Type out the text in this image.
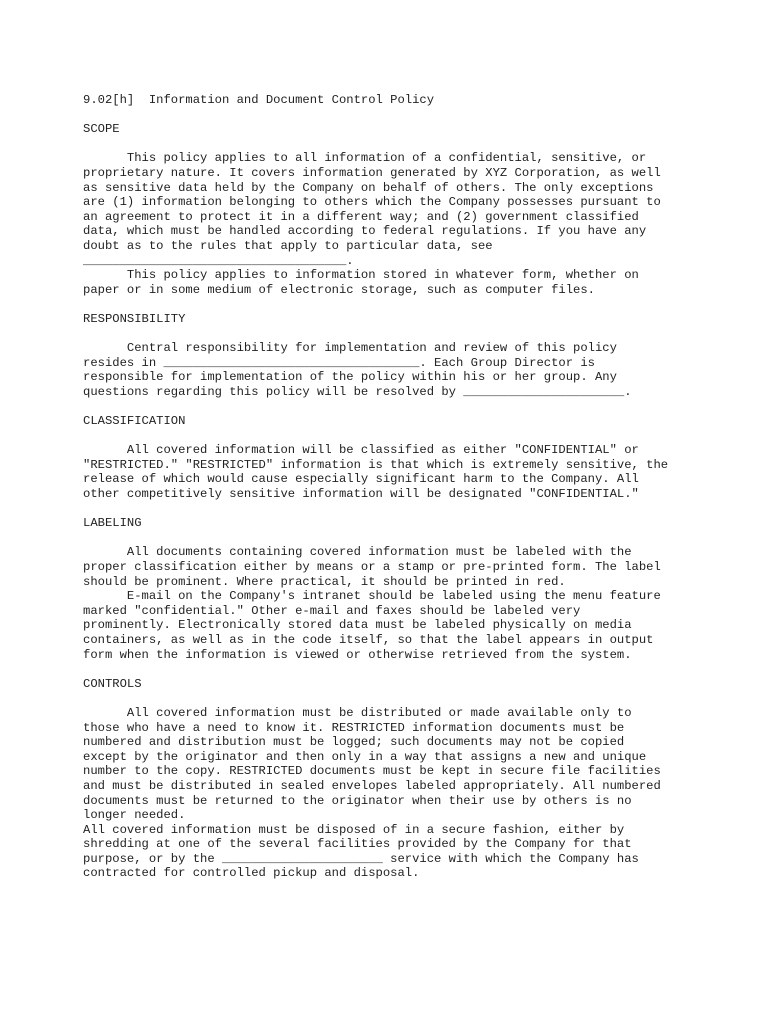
9.02[h]  Information and Document Control Policy
SCOPE
This policy applies to all information of a confidential, sensitive, or
proprietary nature. It covers information generated by XYZ Corporation, as well
as sensitive data held by the Company on behalf of others. The only exceptions
are (1) information belonging to others which the Company possesses pursuant to
an agreement to protect it in a different way; and (2) government classified
data, which must be handled according to federal regulations. If you have any
doubt as to the rules that apply to particular data, see
____________________________________.
This policy applies to information stored in whatever form, whether on
paper or in some medium of electronic storage, such as computer files.
RESPONSIBILITY
Central responsibility for implementation and review of this policy
resides in ___________________________________. Each Group Director is
responsible for implementation of the policy within his or her group. Any
questions regarding this policy will be resolved by ______________________.
CLASSIFICATION
All covered information will be classified as either "CONFIDENTIAL" or
"RESTRICTED." "RESTRICTED" information is that which is extremely sensitive, the
release of which would cause especially significant harm to the Company. All
other competitively sensitive information will be designated "CONFIDENTIAL."
LABELING
All documents containing covered information must be labeled with the
proper classification either by means or a stamp or pre-printed form. The label
should be prominent. Where practical, it should be printed in red.
E-mail on the Company's intranet should be labeled using the menu feature
marked "confidential." Other e-mail and faxes should be labeled very
prominently. Electronically stored data must be labeled physically on media
containers, as well as in the code itself, so that the label appears in output
form when the information is viewed or otherwise retrieved from the system.
CONTROLS
All covered information must be distributed or made available only to
those who have a need to know it. RESTRICTED information documents must be
numbered and distribution must be logged; such documents may not be copied
except by the originator and then only in a way that assigns a new and unique
number to the copy. RESTRICTED documents must be kept in secure file facilities
and must be distributed in sealed envelopes labeled appropriately. All numbered
documents must be returned to the originator when their use by others is no
longer needed.
All covered information must be disposed of in a secure fashion, either by
shredding at one of the several facilities provided by the Company for that
purpose, or by the ______________________ service with which the Company has
contracted for controlled pickup and disposal.
